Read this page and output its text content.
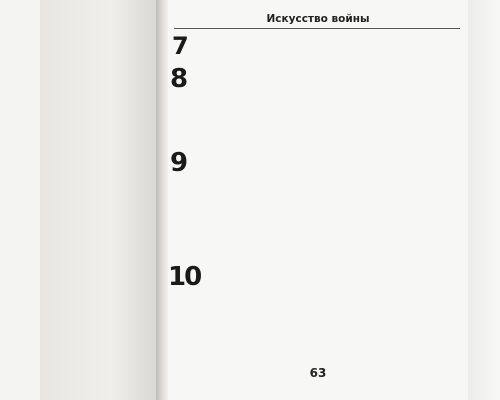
Искусство войны
7
8
9
10
63
